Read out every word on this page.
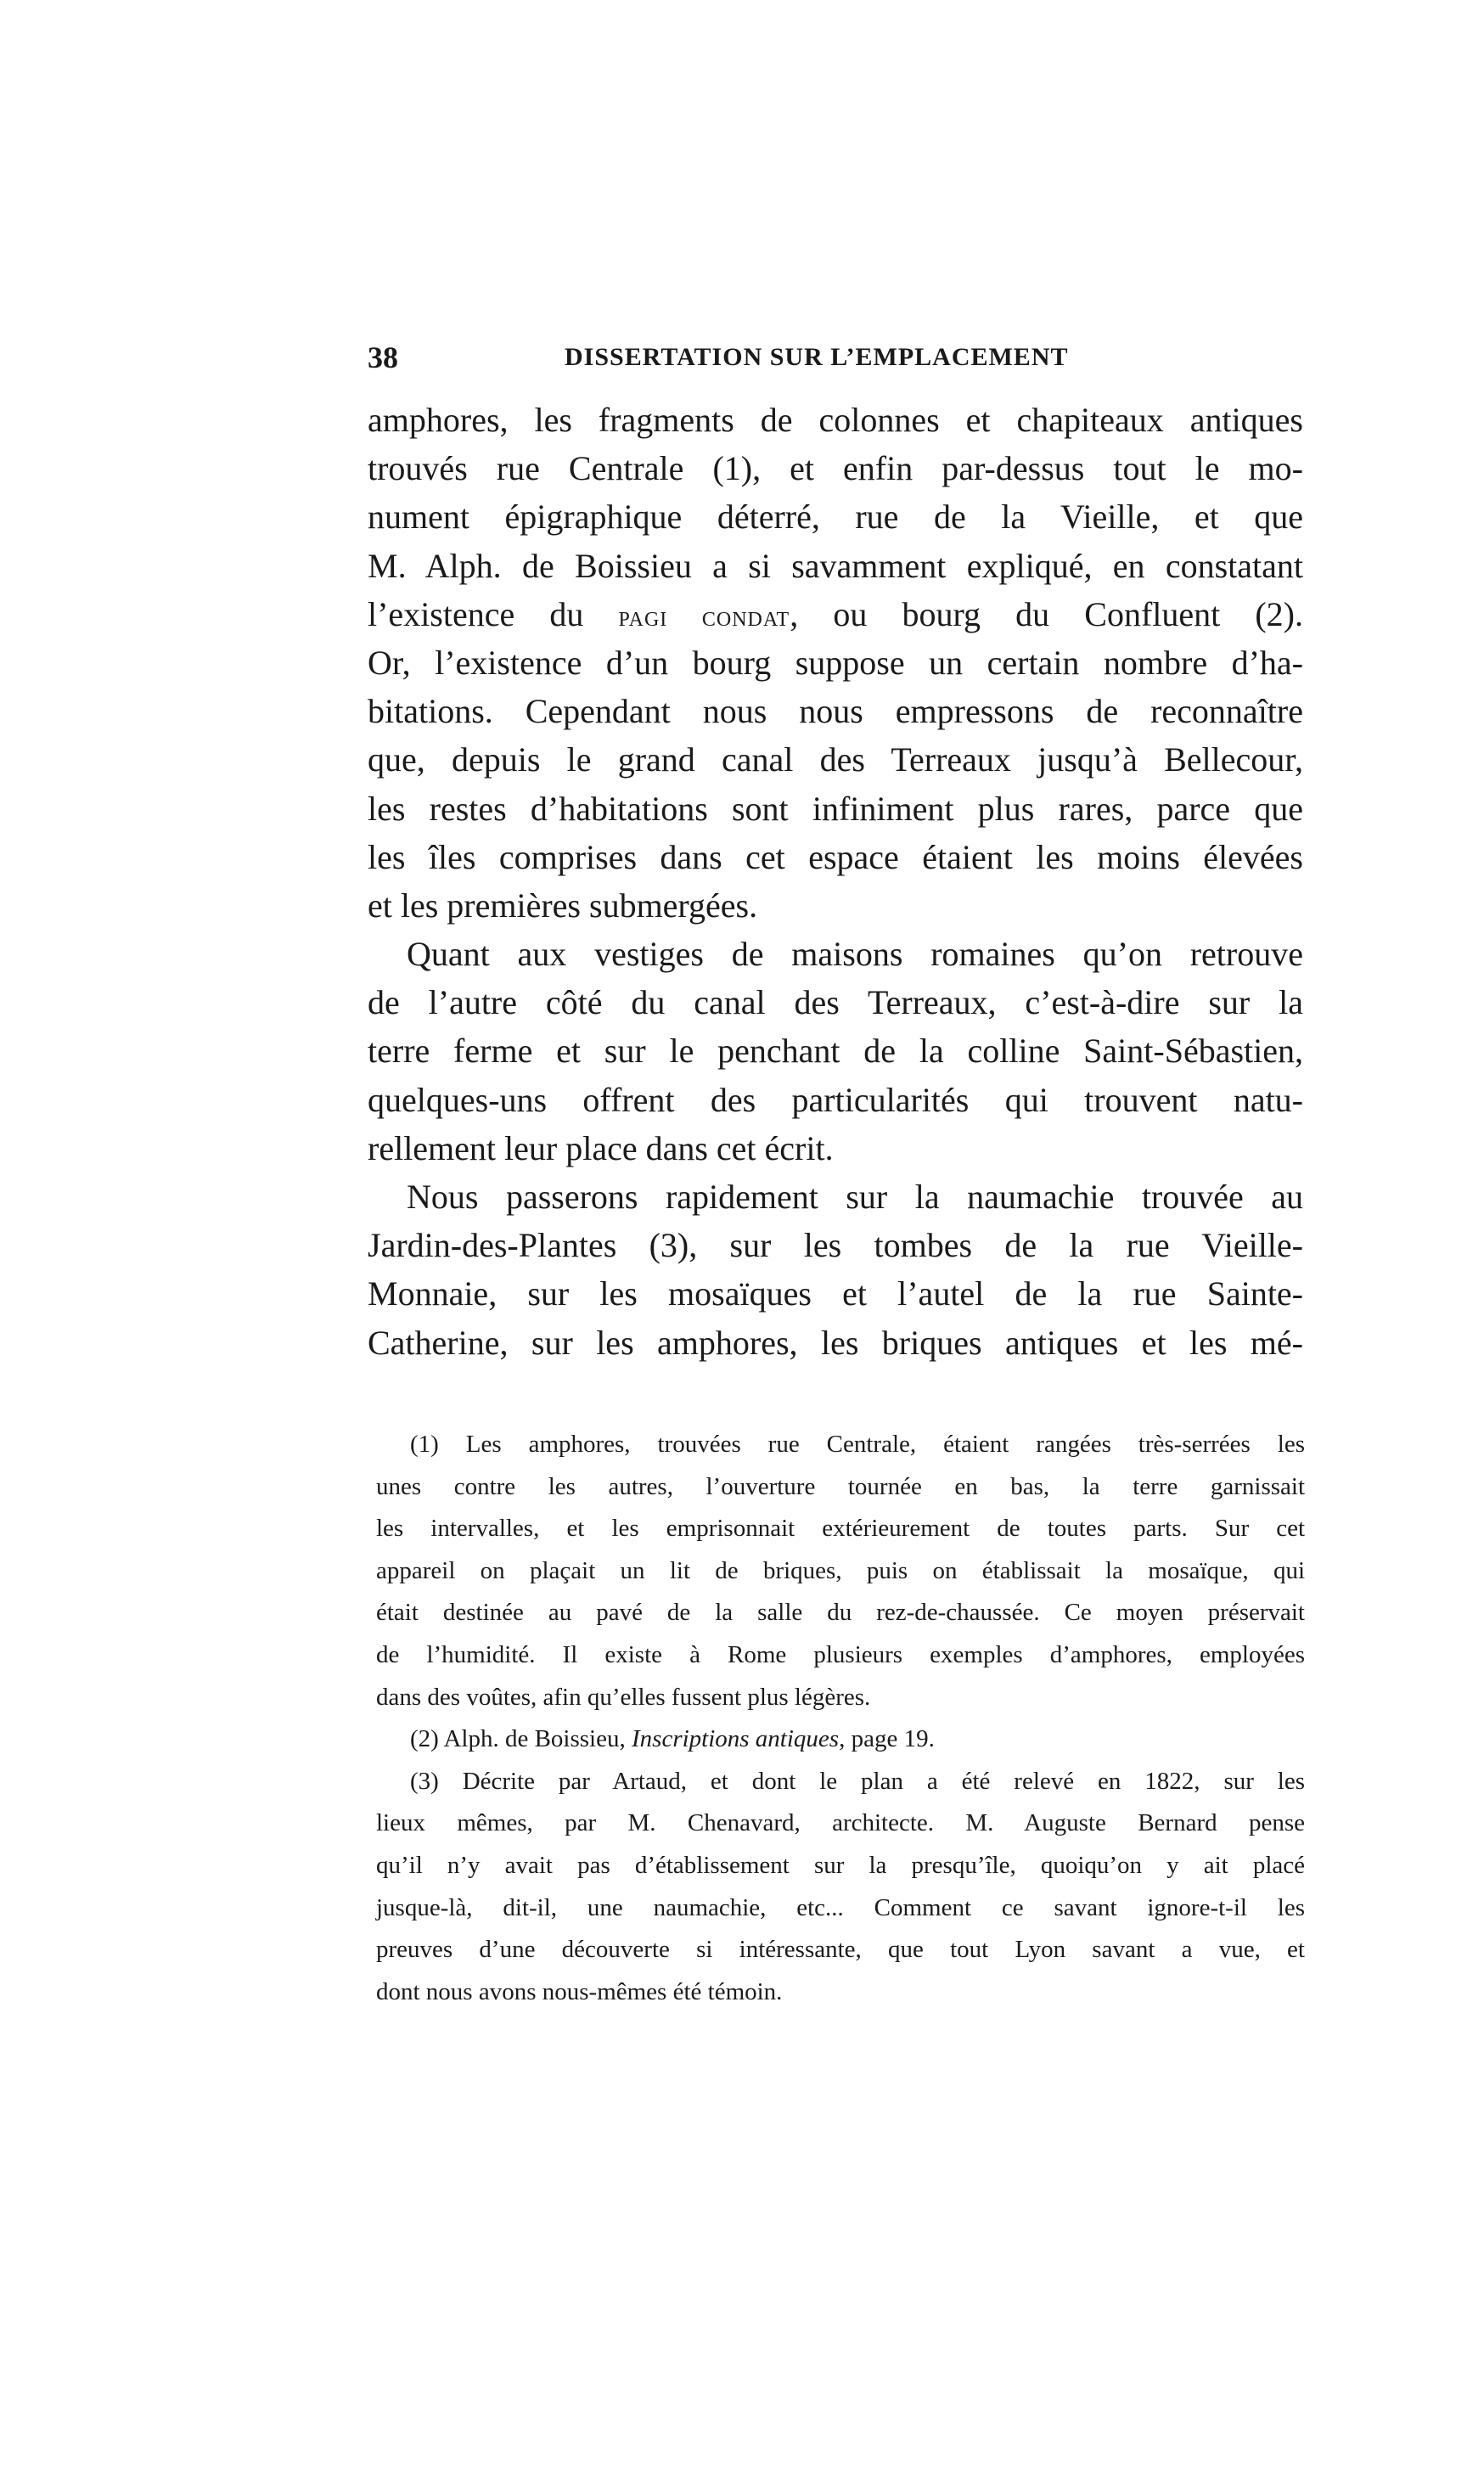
38	DISSERTATION SUR L’EMPLACEMENT
amphores, les fragments de colonnes et chapiteaux antiques
trouvés rue Centrale (1), et enfin par-dessus tout le mo-
nument épigraphique déterré, rue de la Vieille, et que
M. Alph. de Boissieu a si savamment expliqué, en constatant
l’existence du pagi condat, ou bourg du Confluent (2).
Or, l’existence d’un bourg suppose un certain nombre d’ha-
bitations. Cependant nous nous empressons de reconnaître
que, depuis le grand canal des Terreaux jusqu’à Bellecour,
les restes d’habitations sont infiniment plus rares, parce que
les îles comprises dans cet espace étaient les moins élevées
et les premières submergées.
Quant aux vestiges de maisons romaines qu’on retrouve
de l’autre côté du canal des Terreaux, c’est-à-dire sur la
terre ferme et sur le penchant de la colline Saint-Sébastien,
quelques-uns offrent des particularités qui trouvent natu-
rellement leur place dans cet écrit.
Nous passerons rapidement sur la naumachie trouvée au
Jardin-des-Plantes (3), sur les tombes de la rue Vieille-
Monnaie, sur les mosaïques et l’autel de la rue Sainte-
Catherine, sur les amphores, les briques antiques et les mé-
(1) Les amphores, trouvées rue Centrale, étaient rangées très-serrées les
unes contre les autres, l’ouverture tournée en bas, la terre garnissait
les intervalles, et les emprisonnait extérieurement de toutes parts. Sur cet
appareil on plaçait un lit de briques, puis on établissait la mosaïque, qui
était destinée au pavé de la salle du rez-de-chaussée. Ce moyen préservait
de l’humidité. Il existe à Rome plusieurs exemples d’amphores, employées
dans des voûtes, afin qu’elles fussent plus légères.
(2) Alph. de Boissieu, Inscriptions antiques, page 19.
(3) Décrite par Artaud, et dont le plan a été relevé en 1822, sur les
lieux mêmes, par M. Chenavard, architecte. M. Auguste Bernard pense
qu’il n’y avait pas d’établissement sur la presqu’île, quoiqu’on y ait placé
jusque-là, dit-il, une naumachie, etc... Comment ce savant ignore-t-il les
preuves d’une découverte si intéressante, que tout Lyon savant a vue, et
dont nous avons nous-mêmes été témoin.
